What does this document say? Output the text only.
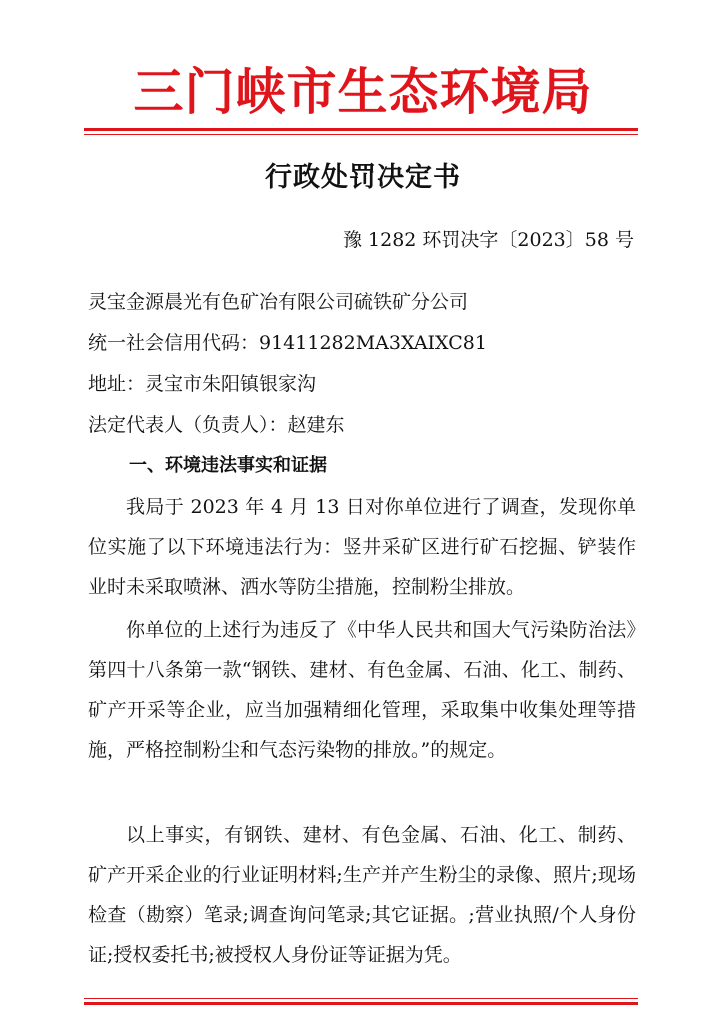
三门峡市生态环境局
行政处罚决定书
豫 1282 环罚决字〔2023〕58 号
灵宝金源晨光有色矿冶有限公司硫铁矿分公司
统一社会信用代码：91411282MA3XAIXC81
地址：灵宝市朱阳镇银家沟
法定代表人（负责人）：赵建东
一、环境违法事实和证据
我局于 2023 年 4 月 13 日对你单位进行了调查，发现你单位实施了以下环境违法行为：竖井采矿区进行矿石挖掘、铲装作业时未采取喷淋、洒水等防尘措施，控制粉尘排放。
你单位的上述行为违反了《中华人民共和国大气污染防治法》第四十八条第一款“钢铁、建材、有色金属、石油、化工、制药、矿产开采等企业，应当加强精细化管理，采取集中收集处理等措施，严格控制粉尘和气态污染物的排放。”的规定。
以上事实，有钢铁、建材、有色金属、石油、化工、制药、矿产开采企业的行业证明材料;生产并产生粉尘的录像、照片;现场检查（勘察）笔录;调查询问笔录;其它证据。;营业执照/个人身份证;授权委托书;被授权人身份证等证据为凭。
